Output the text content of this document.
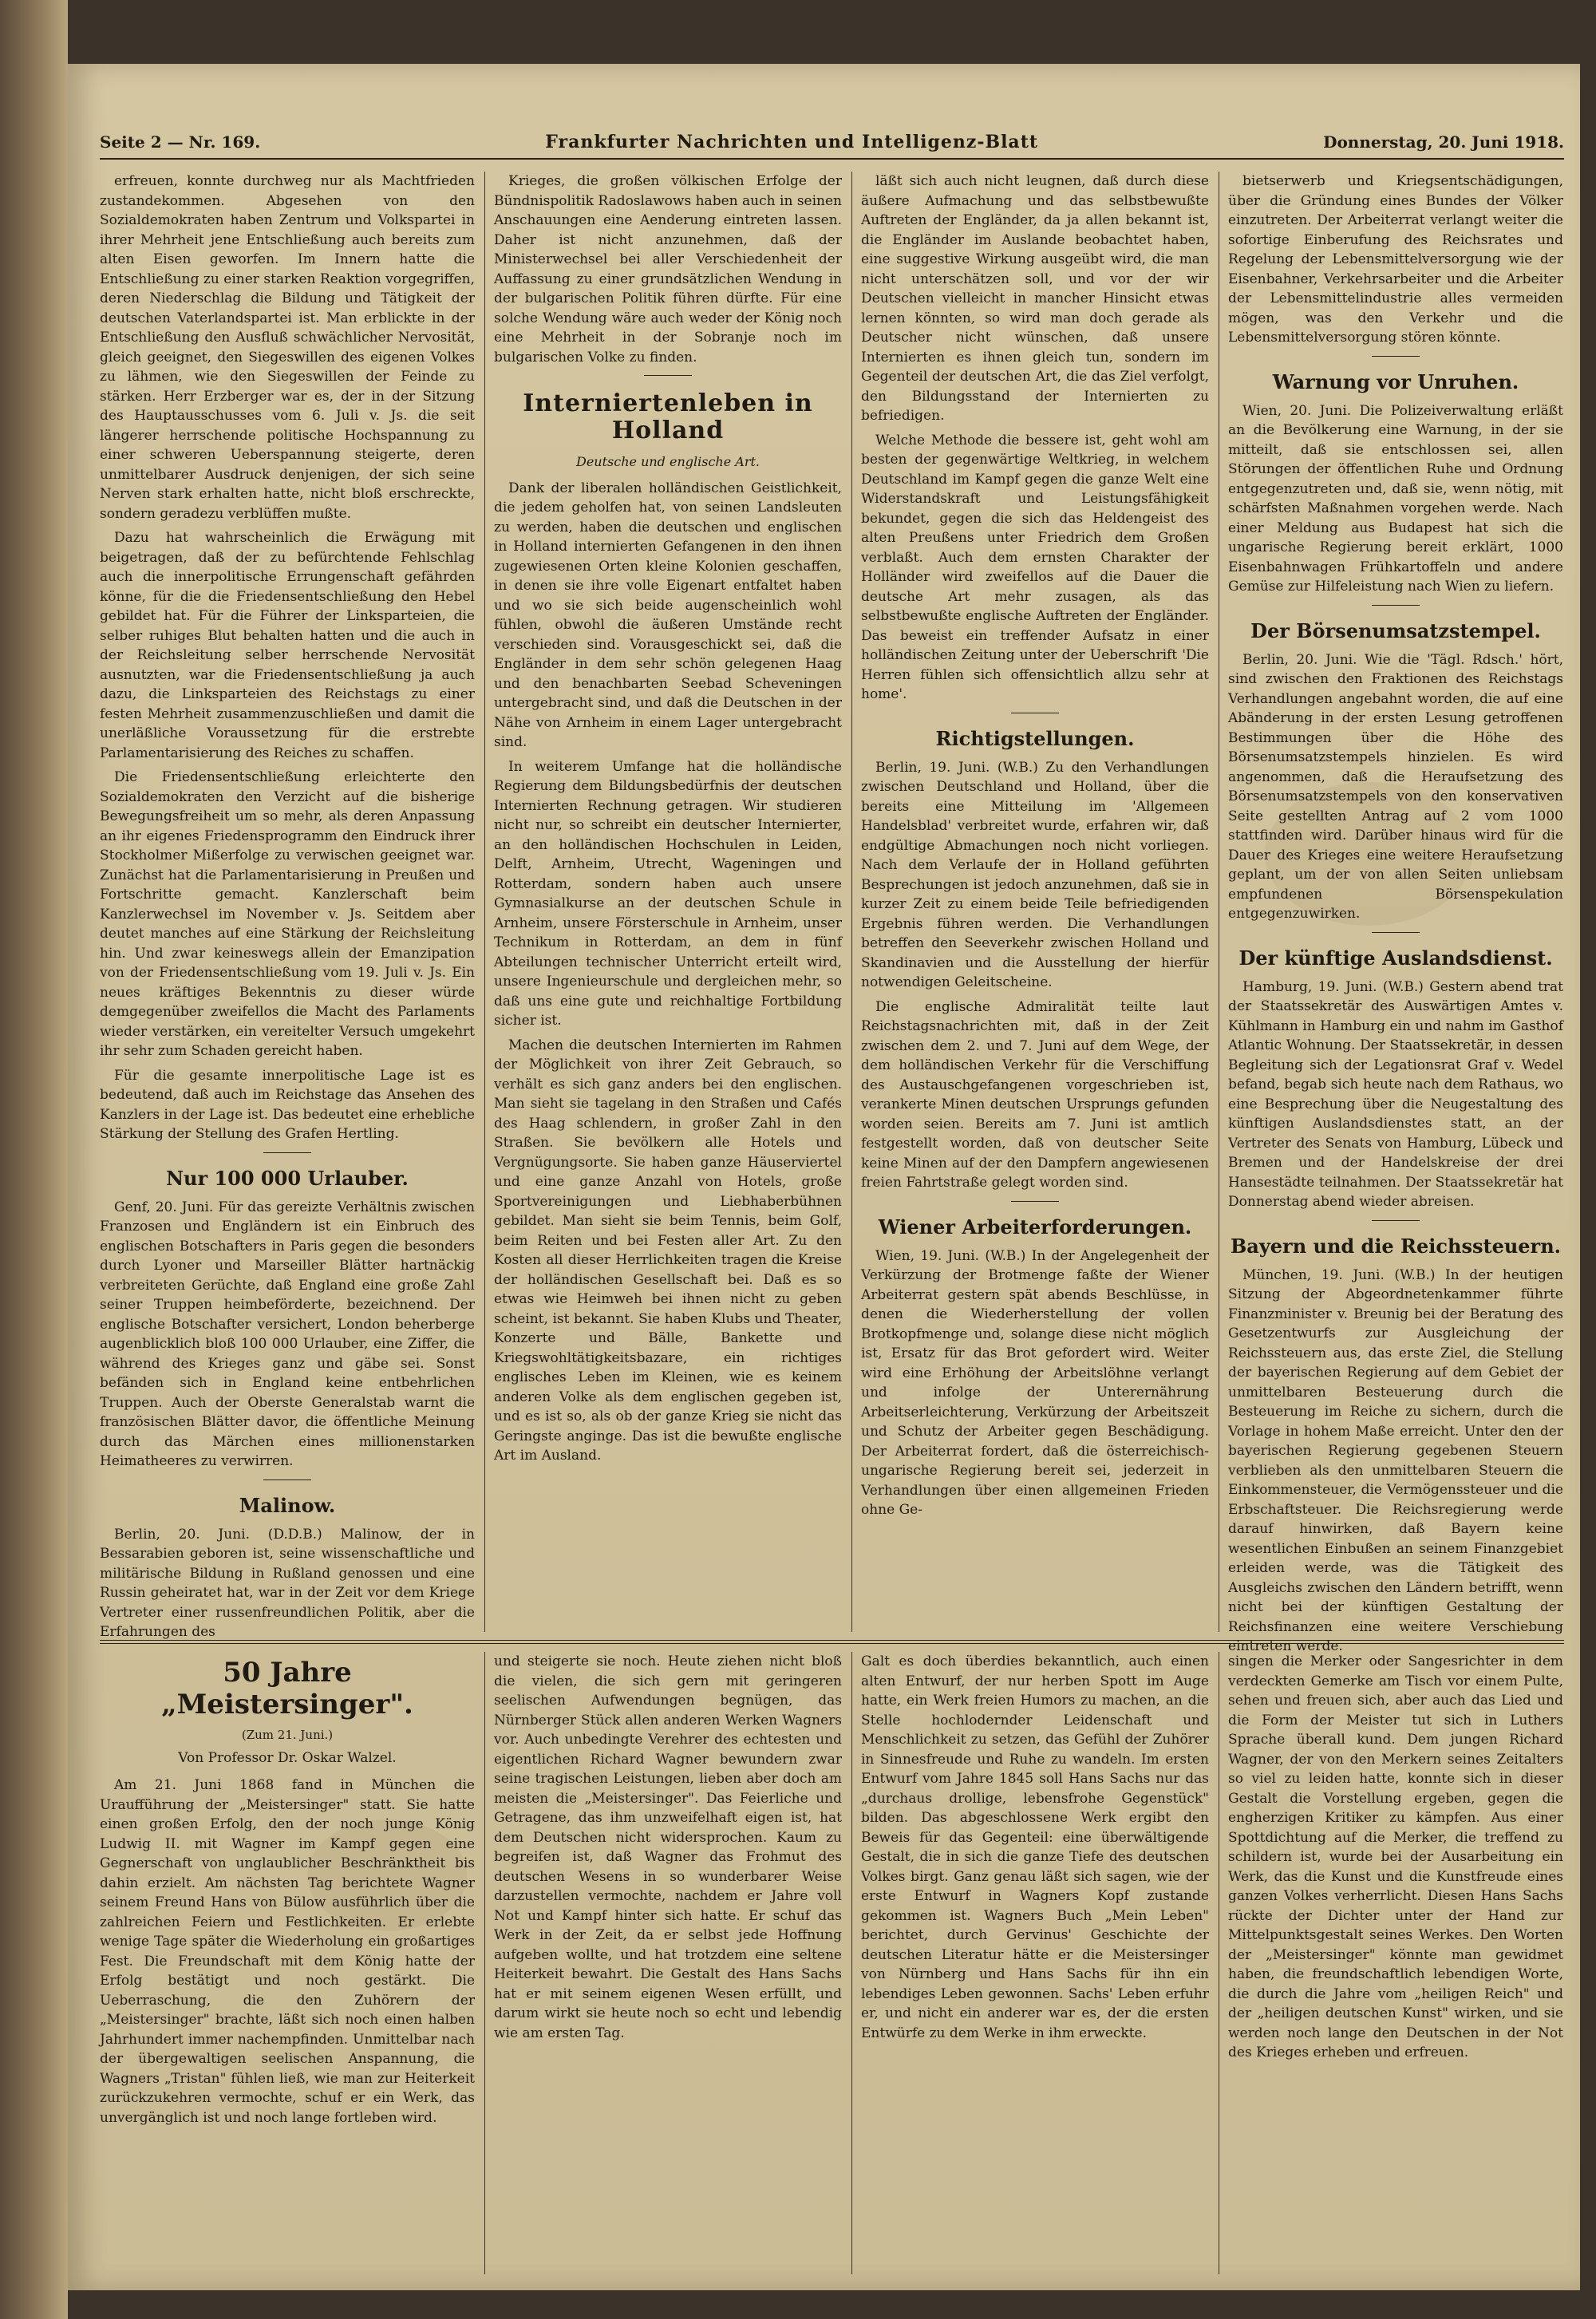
Seite 2 — Nr. 169.	Frankfurter Nachrichten und Intelligenz-Blatt	Donnerstag, 20. Juni 1918.

erfreuen, konnte durchweg nur als Machtfrieden zustandekommen. Abgesehen von den Sozialdemokraten haben Zentrum und Volkspartei in ihrer Mehrheit jene Entschließung auch bereits zum alten Eisen geworfen. Im Innern hatte die Entschließung zu einer starken Reaktion vorgegriffen, deren Niederschlag die Bildung und Tätigkeit der deutschen Vaterlandspartei ist. Man erblickte in der Entschließung den Ausfluß schwächlicher Nervosität, gleich geeignet, den Siegeswillen des eigenen Volkes zu lähmen, wie den Siegeswillen der Feinde zu stärken. Herr Erzberger war es, der in der Sitzung des Hauptausschusses vom 6. Juli v. Js. die seit längerer herrschende politische Hochspannung zu einer schweren Ueberspannung steigerte, deren unmittelbarer Ausdruck denjenigen, der sich seine Nerven stark erhalten hatte, nicht bloß erschreckte, sondern geradezu verblüffen mußte.

Dazu hat wahrscheinlich die Erwägung mit beigetragen, daß der zu befürchtende Fehlschlag auch die innerpolitische Errungenschaft gefährden könne, für die die Friedensentschließung den Hebel gebildet hat. Für die Führer der Linksparteien, die selber ruhiges Blut behalten hatten und die auch in der Reichsleitung selber herrschende Nervosität ausnutzten, war die Friedensentschließung ja auch dazu, die Linksparteien des Reichstags zu einer festen Mehrheit zusammenzuschließen und damit die unerläßliche Voraussetzung für die erstrebte Parlamentarisierung des Reiches zu schaffen.

Die Friedensentschließung erleichterte den Sozialdemokraten den Verzicht auf die bisherige Bewegungsfreiheit um so mehr, als deren Anpassung an ihr eigenes Friedensprogramm den Eindruck ihrer Stockholmer Mißerfolge zu verwischen geeignet war. Zunächst hat die Parlamentarisierung in Preußen und Fortschritte gemacht. Kanzlerschaft beim Kanzlerwechsel im November v. Js. Seitdem aber deutet manches auf eine Stärkung der Reichsleitung hin. Und zwar keineswegs allein der Emanzipation von der Friedensentschließung vom 19. Juli v. Js. Ein neues kräftiges Bekenntnis zu dieser würde demgegenüber zweifellos die Macht des Parlaments wieder verstärken, ein vereitelter Versuch umgekehrt ihr sehr zum Schaden gereicht haben.

Für die gesamte innerpolitische Lage ist es bedeutend, daß auch im Reichstage das Ansehen des Kanzlers in der Lage ist. Das bedeutet eine erhebliche Stärkung der Stellung des Grafen Hertling.

Nur 100 000 Urlauber.

Genf, 20. Juni. Für das gereizte Verhältnis zwischen Franzosen und Engländern ist ein Einbruch des englischen Botschafters in Paris gegen die besonders durch Lyoner und Marseiller Blätter hartnäckig verbreiteten Gerüchte, daß England eine große Zahl seiner Truppen heimbeförderte, bezeichnend. Der englische Botschafter versichert, London beherberge augenblicklich bloß 100 000 Urlauber, eine Ziffer, die während des Krieges ganz und gäbe sei. Sonst befänden sich in England keine entbehrlichen Truppen. Auch der Oberste Generalstab warnt die französischen Blätter davor, die öffentliche Meinung durch das Märchen eines millionenstarken Heimatheeres zu verwirren.

Malinow.

Berlin, 20. Juni. (D.D.B.) Malinow, der in Bessarabien geboren ist, seine wissenschaftliche und militärische Bildung in Rußland genossen und eine Russin geheiratet hat, war in der Zeit vor dem Kriege Vertreter einer russenfreundlichen Politik, aber die Erfahrungen des

Krieges, die großen völkischen Erfolge der Bündnispolitik Radoslawows haben auch in seinen Anschauungen eine Aenderung eintreten lassen. Daher ist nicht anzunehmen, daß der Ministerwechsel bei aller Verschiedenheit der Auffassung zu einer grundsätzlichen Wendung in der bulgarischen Politik führen dürfte. Für eine solche Wendung wäre auch weder der König noch eine Mehrheit in der Sobranje noch im bulgarischen Volke zu finden.

Interniertenleben in Holland
Deutsche und englische Art.

Dank der liberalen holländischen Geistlichkeit, die jedem geholfen hat, von seinen Landsleuten zu werden, haben die deutschen und englischen in Holland internierten Gefangenen in den ihnen zugewiesenen Orten kleine Kolonien geschaffen, in denen sie ihre volle Eigenart entfaltet haben und wo sie sich beide augenscheinlich wohl fühlen, obwohl die äußeren Umstände recht verschieden sind. Vorausgeschickt sei, daß die Engländer in dem sehr schön gelegenen Haag und den benachbarten Seebad Scheveningen untergebracht sind, und daß die Deutschen in der Nähe von Arnheim in einem Lager untergebracht sind.

In weiterem Umfange hat die holländische Regierung dem Bildungsbedürfnis der deutschen Internierten Rechnung getragen. Wir studieren nicht nur, so schreibt ein deutscher Internierter, an den holländischen Hochschulen in Leiden, Delft, Arnheim, Utrecht, Wageningen und Rotterdam, sondern haben auch unsere Gymnasialkurse an der deutschen Schule in Arnheim, unsere Försterschule in Arnheim, unser Technikum in Rotterdam, an dem in fünf Abteilungen technischer Unterricht erteilt wird, unsere Ingenieurschule und dergleichen mehr, so daß uns eine gute und reichhaltige Fortbildung sicher ist.

Machen die deutschen Internierten im Rahmen der Möglichkeit von ihrer Zeit Gebrauch, so verhält es sich ganz anders bei den englischen. Man sieht sie tagelang in den Straßen und Cafés des Haag schlendern, in großer Zahl in den Straßen. Sie bevölkern alle Hotels und Vergnügungsorte. Sie haben ganze Häuserviertel und eine ganze Anzahl von Hotels, große Sportvereinigungen und Liebhaberbühnen gebildet. Man sieht sie beim Tennis, beim Golf, beim Reiten und bei Festen aller Art. Zu den Kosten all dieser Herrlichkeiten tragen die Kreise der holländischen Gesellschaft bei. Daß es so etwas wie Heimweh bei ihnen nicht zu geben scheint, ist bekannt. Sie haben Klubs und Theater, Konzerte und Bälle, Bankette und Kriegswohltätigkeitsbazare, ein richtiges englisches Leben im Kleinen, wie es keinem anderen Volke als dem englischen gegeben ist, und es ist so, als ob der ganze Krieg sie nicht das Geringste anginge. Das ist die bewußte englische Art im Ausland.

läßt sich auch nicht leugnen, daß durch diese äußere Aufmachung und das selbstbewußte Auftreten der Engländer, da ja allen bekannt ist, die Engländer im Auslande beobachtet haben, eine suggestive Wirkung ausgeübt wird, die man nicht unterschätzen soll, und vor der wir Deutschen vielleicht in mancher Hinsicht etwas lernen könnten, so wird man doch gerade als Deutscher nicht wünschen, daß unsere Internierten es ihnen gleich tun, sondern im Gegenteil der deutschen Art, die das Ziel verfolgt, den Bildungsstand der Internierten zu befriedigen.

Welche Methode die bessere ist, geht wohl am besten der gegenwärtige Weltkrieg, in welchem Deutschland im Kampf gegen die ganze Welt eine Widerstandskraft und Leistungsfähigkeit bekundet, gegen die sich das Heldengeist des alten Preußens unter Friedrich dem Großen verblaßt. Auch dem ernsten Charakter der Holländer wird zweifellos auf die Dauer die deutsche Art mehr zusagen, als das selbstbewußte englische Auftreten der Engländer. Das beweist ein treffender Aufsatz in einer holländischen Zeitung unter der Ueberschrift 'Die Herren fühlen sich offensichtlich allzu sehr at home'.

Richtigstellungen.

Berlin, 19. Juni. (W.B.) Zu den Verhandlungen zwischen Deutschland und Holland, über die bereits eine Mitteilung im 'Allgemeen Handelsblad' verbreitet wurde, erfahren wir, daß endgültige Abmachungen noch nicht vorliegen. Nach dem Verlaufe der in Holland geführten Besprechungen ist jedoch anzunehmen, daß sie in kurzer Zeit zu einem beide Teile befriedigenden Ergebnis führen werden. Die Verhandlungen betreffen den Seeverkehr zwischen Holland und Skandinavien und die Ausstellung der hierfür notwendigen Geleitscheine.

Die englische Admiralität teilte laut Reichstagsnachrichten mit, daß in der Zeit zwischen dem 2. und 7. Juni auf dem Wege, der dem holländischen Verkehr für die Verschiffung des Austauschgefangenen vorgeschrieben ist, verankerte Minen deutschen Ursprungs gefunden worden seien. Bereits am 7. Juni ist amtlich festgestellt worden, daß von deutscher Seite keine Minen auf der den Dampfern angewiesenen freien Fahrtstraße gelegt worden sind.

Wiener Arbeiterforderungen.

Wien, 19. Juni. (W.B.) In der Angelegenheit der Verkürzung der Brotmenge faßte der Wiener Arbeiterrat gestern spät abends Beschlüsse, in denen die Wiederherstellung der vollen Brotkopfmenge und, solange diese nicht möglich ist, Ersatz für das Brot gefordert wird. Weiter wird eine Erhöhung der Arbeitslöhne verlangt und infolge der Unterernährung Arbeitserleichterung, Verkürzung der Arbeitszeit und Schutz der Arbeiter gegen Beschädigung. Der Arbeiterrat fordert, daß die österreichisch-ungarische Regierung bereit sei, jederzeit in Verhandlungen über einen allgemeinen Frieden ohne Ge-

bietserwerb und Kriegsentschädigungen, über die Gründung eines Bundes der Völker einzutreten. Der Arbeiterrat verlangt weiter die sofortige Einberufung des Reichsrates und Regelung der Lebensmittelversorgung wie der Eisenbahner, Verkehrsarbeiter und die Arbeiter der Lebensmittelindustrie alles vermeiden mögen, was den Verkehr und die Lebensmittelversorgung stören könnte.

Warnung vor Unruhen.

Wien, 20. Juni. Die Polizeiverwaltung erläßt an die Bevölkerung eine Warnung, in der sie mitteilt, daß sie entschlossen sei, allen Störungen der öffentlichen Ruhe und Ordnung entgegenzutreten und, daß sie, wenn nötig, mit schärfsten Maßnahmen vorgehen werde. Nach einer Meldung aus Budapest hat sich die ungarische Regierung bereit erklärt, 1000 Eisenbahnwagen Frühkartoffeln und andere Gemüse zur Hilfeleistung nach Wien zu liefern.

Der Börsenumsatzstempel.

Berlin, 20. Juni. Wie die 'Tägl. Rdsch.' hört, sind zwischen den Fraktionen des Reichstags Verhandlungen angebahnt worden, die auf eine Abänderung in der ersten Lesung getroffenen Bestimmungen über die Höhe des Börsenumsatzstempels hinzielen. Es wird angenommen, daß die Heraufsetzung des Börsenumsatzstempels von den konservativen Seite gestellten Antrag auf 2 vom 1000 stattfinden wird. Darüber hinaus wird für die Dauer des Krieges eine weitere Heraufsetzung geplant, um der von allen Seiten unliebsam empfundenen Börsenspekulation entgegenzuwirken.

Der künftige Auslandsdienst.

Hamburg, 19. Juni. (W.B.) Gestern abend trat der Staatssekretär des Auswärtigen Amtes v. Kühlmann in Hamburg ein und nahm im Gasthof Atlantic Wohnung. Der Staatssekretär, in dessen Begleitung sich der Legationsrat Graf v. Wedel befand, begab sich heute nach dem Rathaus, wo eine Besprechung über die Neugestaltung des künftigen Auslandsdienstes statt, an der Vertreter des Senats von Hamburg, Lübeck und Bremen und der Handelskreise der drei Hansestädte teilnahmen. Der Staatssekretär hat Donnerstag abend wieder abreisen.

Bayern und die Reichssteuern.

München, 19. Juni. (W.B.) In der heutigen Sitzung der Abgeordnetenkammer führte Finanzminister v. Breunig bei der Beratung des Gesetzentwurfs zur Ausgleichung der Reichssteuern aus, das erste Ziel, die Stellung der bayerischen Regierung auf dem Gebiet der unmittelbaren Besteuerung durch die Besteuerung im Reiche zu sichern, durch die Vorlage in hohem Maße erreicht. Unter den der bayerischen Regierung gegebenen Steuern verblieben als den unmittelbaren Steuern die Einkommensteuer, die Vermögenssteuer und die Erbschaftsteuer. Die Reichsregierung werde darauf hinwirken, daß Bayern keine wesentlichen Einbußen an seinem Finanzgebiet erleiden werde, was die Tätigkeit des Ausgleichs zwischen den Ländern betrifft, wenn nicht bei der künftigen Gestaltung der Reichsfinanzen eine weitere Verschiebung eintreten werde.

50 Jahre „Meistersinger".
(Zum 21. Juni.)
Von Professor Dr. Oskar Walzel.

Am 21. Juni 1868 fand in München die Uraufführung der „Meistersinger" statt. Sie hatte einen großen Erfolg, den der noch junge König Ludwig II. mit Wagner im Kampf gegen eine Gegnerschaft von unglaublicher Beschränktheit bis dahin erzielt. Am nächsten Tag berichtete Wagner seinem Freund Hans von Bülow ausführlich über die zahlreichen Feiern und Festlichkeiten. Er erlebte wenige Tage später die Wiederholung ein großartiges Fest. Die Freundschaft mit dem König hatte der Erfolg bestätigt und noch gestärkt. Die Ueberraschung, die den Zuhörern der „Meistersinger" brachte, läßt sich noch einen halben Jahrhundert immer nachempfinden. Unmittelbar nach der übergewaltigen seelischen Anspannung, die Wagners „Tristan" fühlen ließ, wie man zur Heiterkeit zurückzukehren vermochte, schuf er ein Werk, das unvergänglich ist und noch lange fortleben wird.

und steigerte sie noch. Heute ziehen nicht bloß die vielen, die sich gern mit geringeren seelischen Aufwendungen begnügen, das Nürnberger Stück allen anderen Werken Wagners vor. Auch unbedingte Verehrer des echtesten und eigentlichen Richard Wagner bewundern zwar seine tragischen Leistungen, lieben aber doch am meisten die „Meistersinger". Das Feierliche und Getragene, das ihm unzweifelhaft eigen ist, hat dem Deutschen nicht widersprochen. Kaum zu begreifen ist, daß Wagner das Frohmut des deutschen Wesens in so wunderbarer Weise darzustellen vermochte, nachdem er Jahre voll Not und Kampf hinter sich hatte. Er schuf das Werk in der Zeit, da er selbst jede Hoffnung aufgeben wollte, und hat trotzdem eine seltene Heiterkeit bewahrt. Die Gestalt des Hans Sachs hat er mit seinem eigenen Wesen erfüllt, und darum wirkt sie heute noch so echt und lebendig wie am ersten Tag.

Galt es doch überdies bekanntlich, auch einen alten Entwurf, der nur herben Spott im Auge hatte, ein Werk freien Humors zu machen, an die Stelle hochlodernder Leidenschaft und Menschlichkeit zu setzen, das Gefühl der Zuhörer in Sinnesfreude und Ruhe zu wandeln. Im ersten Entwurf vom Jahre 1845 soll Hans Sachs nur das „durchaus drollige, lebensfrohe Gegenstück" bilden. Das abgeschlossene Werk ergibt den Beweis für das Gegenteil: eine überwältigende Gestalt, die in sich die ganze Tiefe des deutschen Volkes birgt. Ganz genau läßt sich sagen, wie der erste Entwurf in Wagners Kopf zustande gekommen ist. Wagners Buch „Mein Leben" berichtet, durch Gervinus' Geschichte der deutschen Literatur hätte er die Meistersinger von Nürnberg und Hans Sachs für ihn ein lebendiges Leben gewonnen. Sachs' Leben erfuhr er, und nicht ein anderer war es, der die ersten Entwürfe zu dem Werke in ihm erweckte.

singen die Merker oder Sangesrichter in dem verdeckten Gemerke am Tisch vor einem Pulte, sehen und freuen sich, aber auch das Lied und die Form der Meister tut sich in Luthers Sprache überall kund. Dem jungen Richard Wagner, der von den Merkern seines Zeitalters so viel zu leiden hatte, konnte sich in dieser Gestalt die Vorstellung ergeben, gegen die engherzigen Kritiker zu kämpfen. Aus einer Spottdichtung auf die Merker, die treffend zu schildern ist, wurde bei der Ausarbeitung ein Werk, das die Kunst und die Kunstfreude eines ganzen Volkes verherrlicht. Diesen Hans Sachs rückte der Dichter unter der Hand zur Mittelpunktsgestalt seines Werkes. Den Worten der „Meistersinger" könnte man gewidmet haben, die freundschaftlich lebendigen Worte, die durch die Jahre vom „heiligen Reich" und der „heiligen deutschen Kunst" wirken, und sie werden noch lange den Deutschen in der Not des Krieges erheben und erfreuen.
